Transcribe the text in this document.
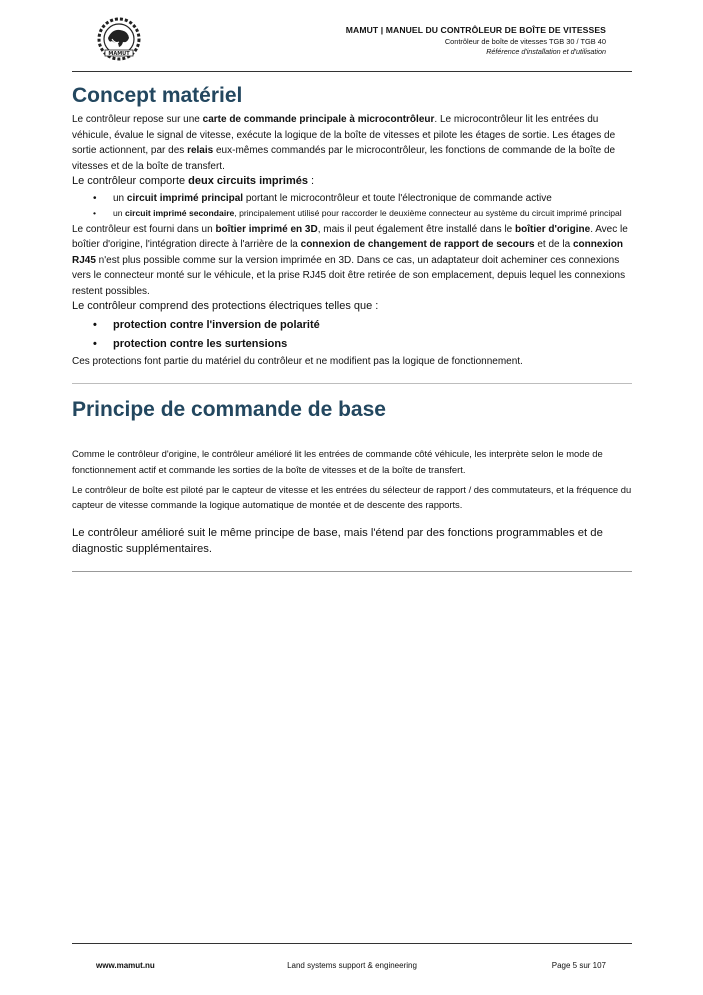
MAMUT
MAMUT | MANUEL DU CONTRÔLEUR DE BOÎTE DE VITESSES
Contrôleur de boîte de vitesses TGB 30 / TGB 40
Référence d'installation et d'utilisation
Concept matériel

Le contrôleur repose sur une carte de commande principale à microcontrôleur. Le microcontrôleur lit les entrées du véhicule, évalue le signal de vitesse, exécute la logique de la boîte de vitesses et pilote les étages de sortie. Les étages de sortie actionnent, par des relais eux-mêmes commandés par le microcontrôleur, les fonctions de commande de la boîte de vitesses et de la boîte de transfert.

Le contrôleur comporte deux circuits imprimés :

• un circuit imprimé principal portant le microcontrôleur et toute l'électronique de commande active
• un circuit imprimé secondaire, principalement utilisé pour raccorder le deuxième connecteur au système du circuit imprimé principal

Le contrôleur est fourni dans un boîtier imprimé en 3D, mais il peut également être installé dans le boîtier d'origine. Avec le boîtier d'origine, l'intégration directe à l'arrière de la connexion de changement de rapport de secours et de la connexion RJ45 n'est plus possible comme sur la version imprimée en 3D. Dans ce cas, un adaptateur doit acheminer ces connexions vers le connecteur monté sur le véhicule, et la prise RJ45 doit être retirée de son emplacement, depuis lequel les connexions restent possibles.

Le contrôleur comprend des protections électriques telles que :

• protection contre l'inversion de polarité
• protection contre les surtensions

Ces protections font partie du matériel du contrôleur et ne modifient pas la logique de fonctionnement.

Principe de commande de base

Comme le contrôleur d'origine, le contrôleur amélioré lit les entrées de commande côté véhicule, les interprète selon le mode de fonctionnement actif et commande les sorties de la boîte de vitesses et de la boîte de transfert.

Le contrôleur de boîte est piloté par le capteur de vitesse et les entrées du sélecteur de rapport / des commutateurs, et la fréquence du capteur de vitesse commande la logique automatique de montée et de descente des rapports.

Le contrôleur amélioré suit le même principe de base, mais l'étend par des fonctions programmables et de diagnostic supplémentaires.

www.mamut.nu	Land systems support & engineering	Page 5 sur 107
